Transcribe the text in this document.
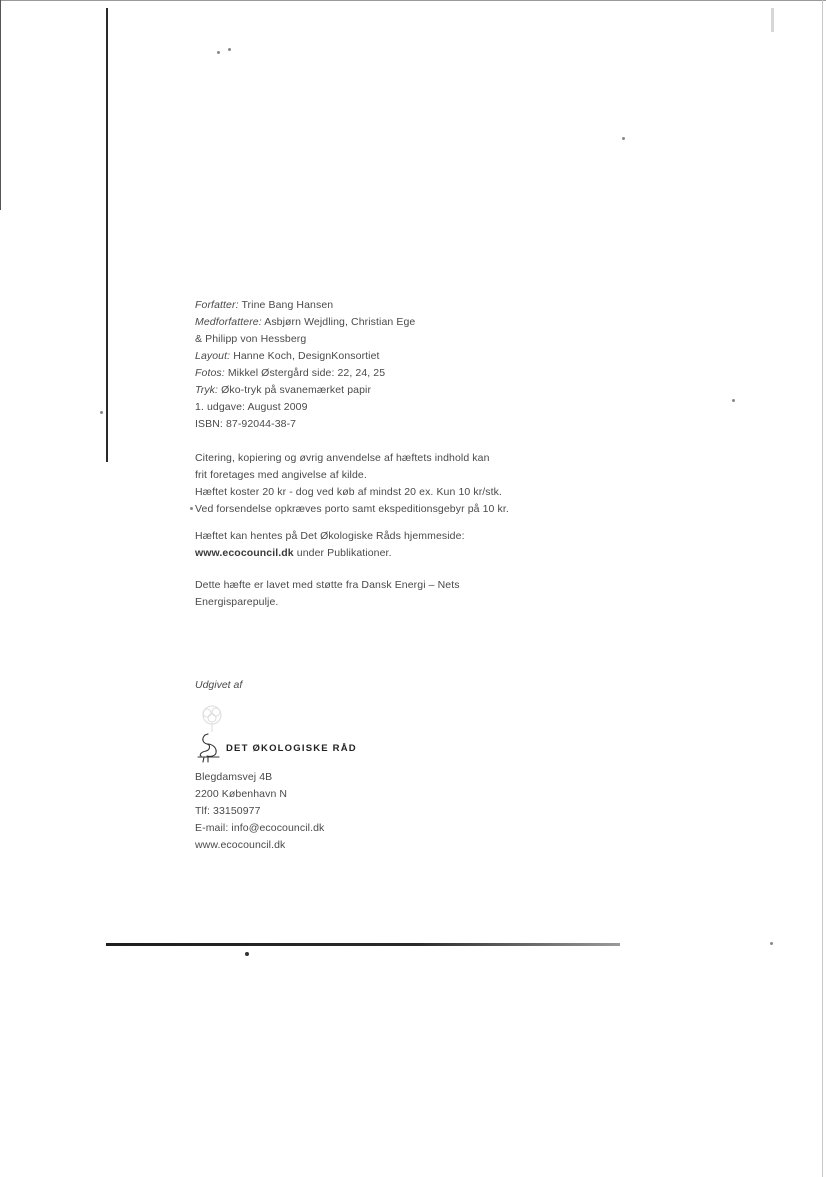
Forfatter: Trine Bang Hansen

Medforfattere: Asbjørn Wejdling, Christian Ege

& Philipp von Hessberg

Layout: Hanne Koch, DesignKonsortiet

Fotos: Mikkel Østergård side: 22, 24, 25

Tryk: Øko-tryk på svanemærket papir

1. udgave: August 2009

ISBN: 87-92044-38-7

Citering, kopiering og øvrig anvendelse af hæftets indhold kan

frit foretages med angivelse af kilde.

Hæftet koster 20 kr - dog ved køb af mindst 20 ex. Kun 10 kr/stk.

Ved forsendelse opkræves porto samt ekspeditionsgebyr på 10 kr.

Hæftet kan hentes på Det Økologiske Råds hjemmeside:

www.ecocouncil.dk under Publikationer.

Dette hæfte er lavet med støtte fra Dansk Energi – Nets

Energisparepulje.

Udgivet af
DET ØKOLOGISKE RÅD

Blegdamsvej 4B

2200 København N

Tlf: 33150977

E-mail: info@ecocouncil.dk

www.ecocouncil.dk
